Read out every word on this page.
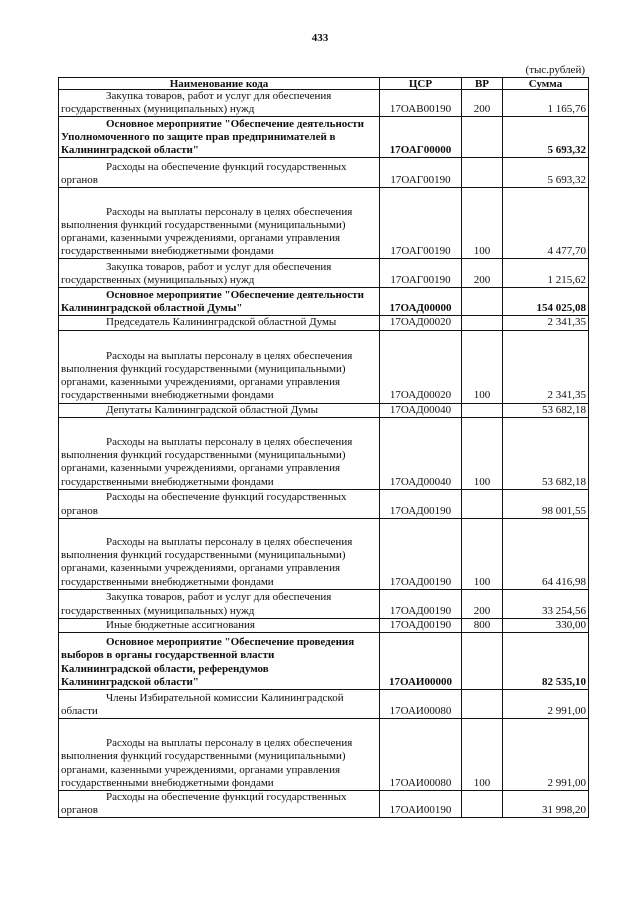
433
(тыс.рублей)
Наименование кода	ЦСР	ВР	Сумма
Закупка товаров, работ и услуг для обеспечения
государственных (муниципальных) нужд	17ОАВ00190	200	1 165,76
Основное мероприятие "Обеспечение деятельности
Уполномоченного по защите прав предпринимателей в
Калининградской области"	17ОАГ00000		5 693,32
Расходы на обеспечение функций государственных
органов	17ОАГ00190		5 693,32
Расходы на выплаты персоналу в целях обеспечения
выполнения функций государственными (муниципальными)
органами, казенными учреждениями, органами управления
государственными внебюджетными фондами	17ОАГ00190	100	4 477,70
Закупка товаров, работ и услуг для обеспечения
государственных (муниципальных) нужд	17ОАГ00190	200	1 215,62
Основное мероприятие "Обеспечение деятельности
Калининградской областной Думы"	17ОАД00000		154 025,08
Председатель Калининградской областной Думы	17ОАД00020		2 341,35
Расходы на выплаты персоналу в целях обеспечения
выполнения функций государственными (муниципальными)
органами, казенными учреждениями, органами управления
государственными внебюджетными фондами	17ОАД00020	100	2 341,35
Депутаты Калининградской областной Думы	17ОАД00040		53 682,18
Расходы на выплаты персоналу в целях обеспечения
выполнения функций государственными (муниципальными)
органами, казенными учреждениями, органами управления
государственными внебюджетными фондами	17ОАД00040	100	53 682,18
Расходы на обеспечение функций государственных
органов	17ОАД00190		98 001,55
Расходы на выплаты персоналу в целях обеспечения
выполнения функций государственными (муниципальными)
органами, казенными учреждениями, органами управления
государственными внебюджетными фондами	17ОАД00190	100	64 416,98
Закупка товаров, работ и услуг для обеспечения
государственных (муниципальных) нужд	17ОАД00190	200	33 254,56
Иные бюджетные ассигнования	17ОАД00190	800	330,00
Основное мероприятие "Обеспечение проведения
выборов в органы государственной власти
Калининградской области, референдумов
Калининградской области"	17ОАИ00000		82 535,10
Члены Избирательной комиссии Калининградской
области	17ОАИ00080		2 991,00
Расходы на выплаты персоналу в целях обеспечения
выполнения функций государственными (муниципальными)
органами, казенными учреждениями, органами управления
государственными внебюджетными фондами	17ОАИ00080	100	2 991,00
Расходы на обеспечение функций государственных
органов	17ОАИ00190		31 998,20
